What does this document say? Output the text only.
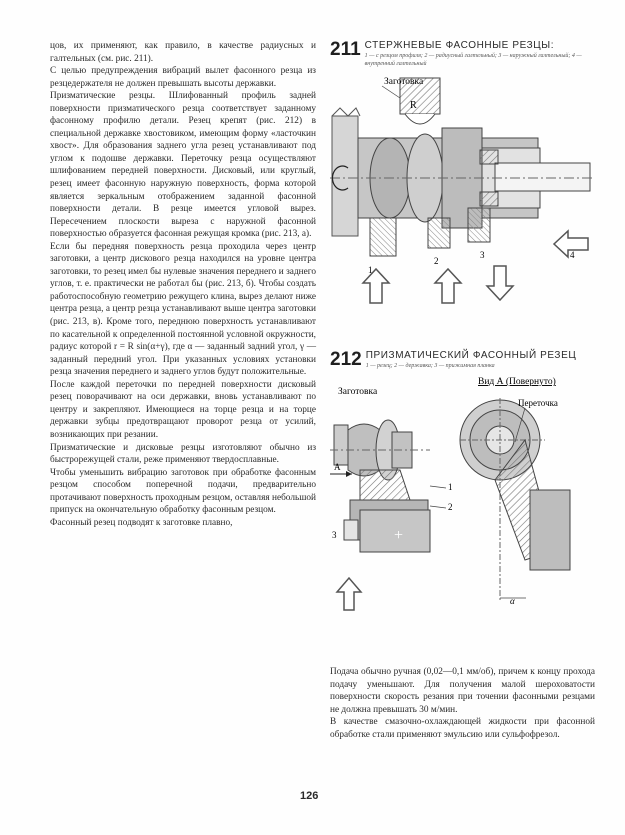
цов, их применяют, как правило, в качестве радиусных и галтельных (см. рис. 211).

С целью предупреждения вибраций вылет фасонного резца из резцедержателя не должен превышать высоты державки.

Призматические резцы. Шлифованный профиль задней поверхности призматического резца соответствует заданному фасонному профилю детали. Резец крепят (рис. 212) в специальной державке хвостовиком, имеющим форму «ласточкин хвост». Для образования заднего угла резец устанавливают под углом к подошве державки. Переточку резца осуществляют шлифованием передней поверхности. Дисковый, или круглый, резец имеет фасонную наружную поверхность, форма которой является зеркальным отображением заданной фасонной поверхности детали. В резце имеется угловой вырез. Пересечением плоскости выреза с наружной фасонной поверхностью образуется фасонная режущая кромка (рис. 213, а).

Если бы передняя поверхность резца проходила через центр заготовки, а центр дискового резца находился на уровне центра заготовки, то резец имел бы нулевые значения переднего и заднего углов, т. е. практически не работал бы (рис. 213, б). Чтобы создать работоспособную геометрию режущего клина, вырез делают ниже центра резца, а центр резца устанавливают выше центра заготовки (рис. 213, в). Кроме того, переднюю поверхность устанавливают по касательной к определенной постоянной условной окружности, радиус которой r = R sin(α+γ), где α — заданный задний угол, γ — заданный передний угол. При указанных условиях установки резца значения переднего и заднего углов будут положительные.

После каждой переточки по передней поверхности дисковый резец поворачивают на оси державки, вновь устанавливают по центру и закрепляют. Имеющиеся на торце резца и на торце державки зубцы предотвращают проворот резца от усилий, возникающих при резании.

Призматические и дисковые резцы изготовляют обычно из быстрорежущей стали, реже применяют твердосплавные.

Чтобы уменьшить вибрацию заготовок при обработке фасонным резцом способом поперечной подачи, предварительно протачивают поверхность проходным резцом, оставляя небольшой припуск на окончательную обработку фасонным резцом.

Фасонный резец подводят к заготовке плавно,

211 СТЕРЖНЕВЫЕ ФАСОННЫЕ РЕЗЦЫ:
1 — с резцом профиля; 2 — радиусный галтельный; 3 — наружный галтельный; 4 — внутренний галтельный
Заготовка
R
1
2
3	4
212 ПРИЗМАТИЧЕСКИЙ ФАСОННЫЙ РЕЗЕЦ
1 — резец; 2 — державка; 3 — прижимная планка
+
A
Заготовка
1
2
3
Вид А (Повернуто)
Переточка
α

Подача обычно ручная (0,02—0,1 мм/об), причем к концу прохода подачу уменьшают. Для получения малой шероховатости поверхности скорость резания при точении фасонными резцами не должна превышать 30 м/мин.

В качестве смазочно-охлаждающей жидкости при фасонной обработке стали применяют эмульсию или сульфофрезол.

126
